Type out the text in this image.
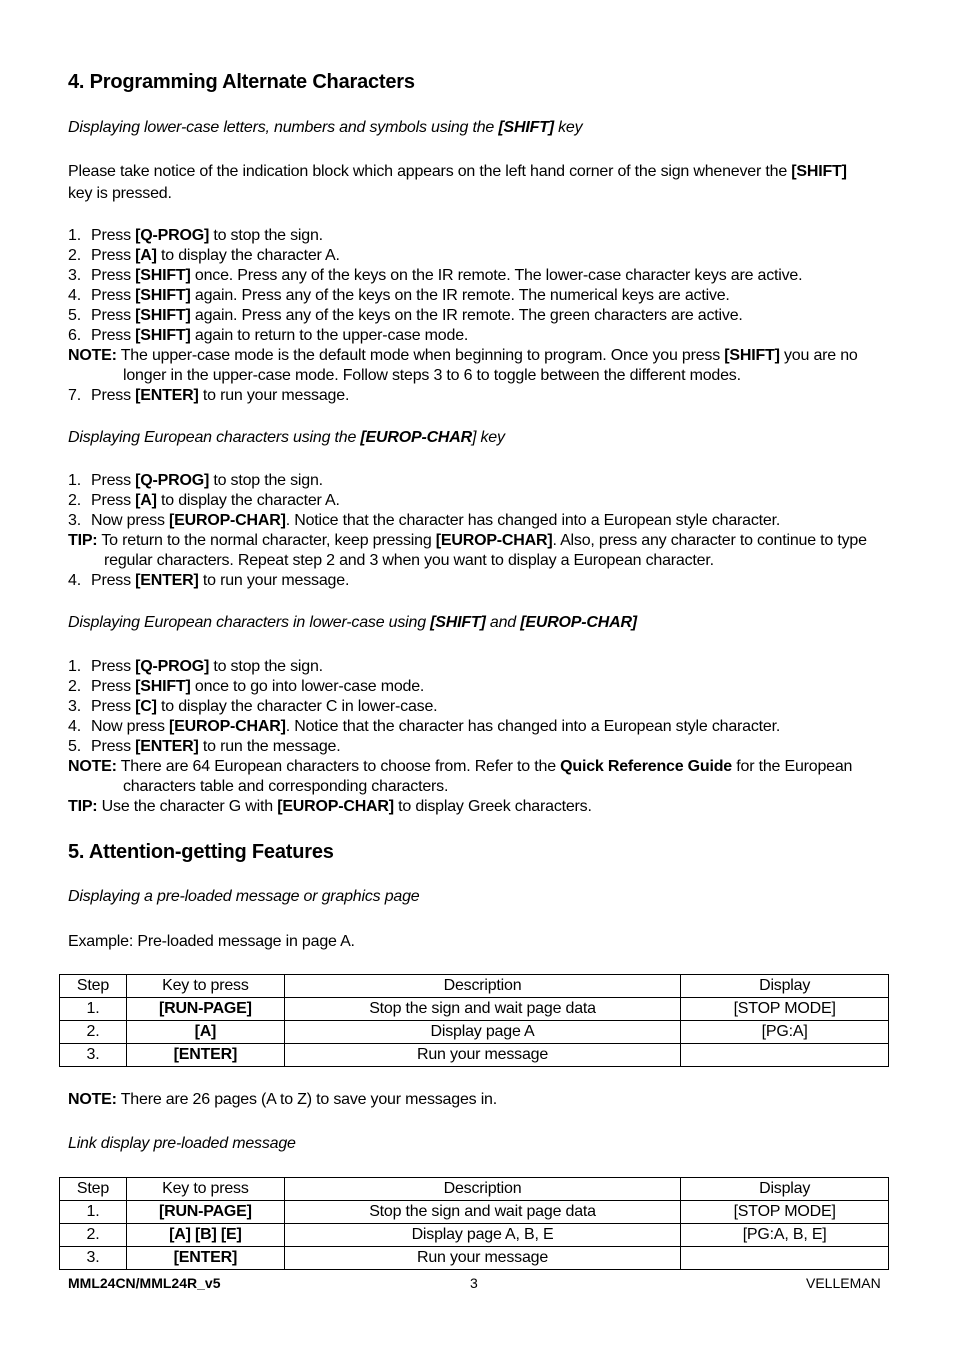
4. Programming Alternate Characters
Displaying lower-case letters, numbers and symbols using the [SHIFT] key
Please take notice of the indication block which appears on the left hand corner of the sign whenever the [SHIFT]
key is pressed.
1. Press [Q-PROG] to stop the sign.
2. Press [A] to display the character A.
3. Press [SHIFT] once. Press any of the keys on the IR remote. The lower-case character keys are active.
4. Press [SHIFT] again. Press any of the keys on the IR remote. The numerical keys are active.
5. Press [SHIFT] again. Press any of the keys on the IR remote. The green characters are active.
6. Press [SHIFT] again to return to the upper-case mode.
NOTE: The upper-case mode is the default mode when beginning to program. Once you press [SHIFT] you are no
longer in the upper-case mode. Follow steps 3 to 6 to toggle between the different modes.
7. Press [ENTER] to run your message.
Displaying European characters using the [EUROP-CHAR] key
1. Press [Q-PROG] to stop the sign.
2. Press [A] to display the character A.
3. Now press [EUROP-CHAR]. Notice that the character has changed into a European style character.
TIP: To return to the normal character, keep pressing [EUROP-CHAR]. Also, press any character to continue to type
regular characters. Repeat step 2 and 3 when you want to display a European character.
4. Press [ENTER] to run your message.
Displaying European characters in lower-case using [SHIFT] and [EUROP-CHAR]
1. Press [Q-PROG] to stop the sign.
2. Press [SHIFT] once to go into lower-case mode.
3. Press [C] to display the character C in lower-case.
4. Now press [EUROP-CHAR]. Notice that the character has changed into a European style character.
5. Press [ENTER] to run the message.
NOTE: There are 64 European characters to choose from. Refer to the Quick Reference Guide for the European
characters table and corresponding characters.
TIP: Use the character G with [EUROP-CHAR] to display Greek characters.
5. Attention-getting Features
Displaying a pre-loaded message or graphics page
Example: Pre-loaded message in page A.
Step	Key to press	Description	Display
1.	[RUN-PAGE]	Stop the sign and wait page data	[STOP MODE]
2.	[A]	Display page A	[PG:A]
3.	[ENTER]	Run your message	
NOTE: There are 26 pages (A to Z) to save your messages in.
Link display pre-loaded message
Step	Key to press	Description	Display
1.	[RUN-PAGE]	Stop the sign and wait page data	[STOP MODE]
2.	[A] [B] [E]	Display page A, B, E	[PG:A, B, E]
3.	[ENTER]	Run your message	
MML24CN/MML24R_v5	3	VELLEMAN
